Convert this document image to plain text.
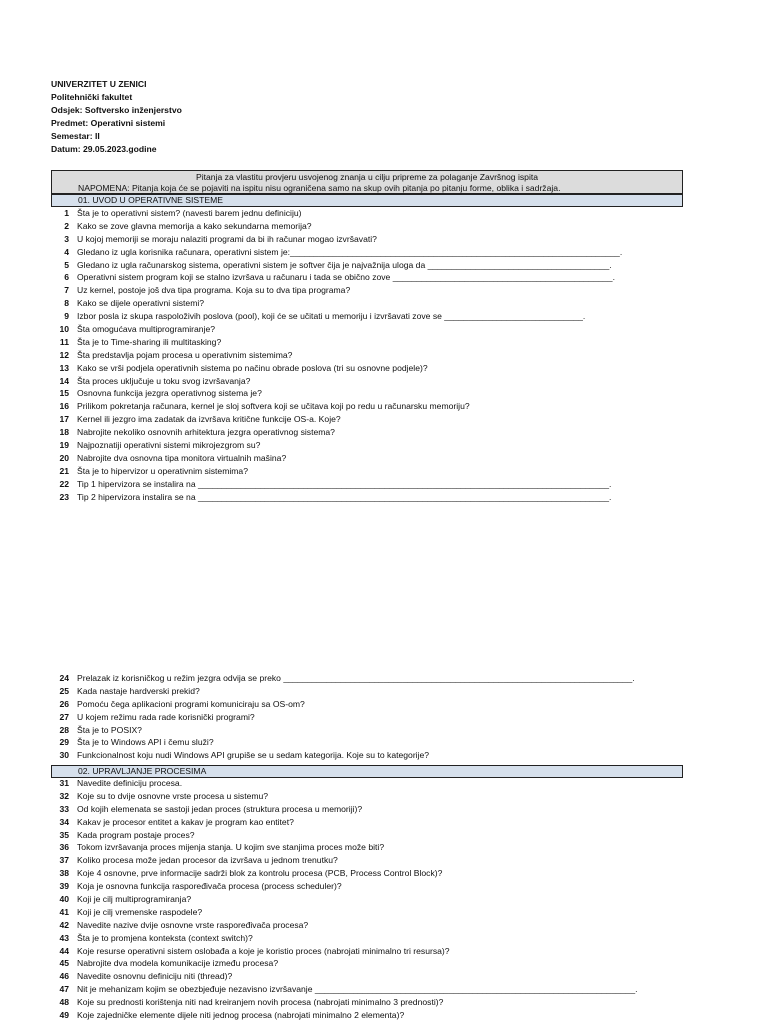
UNIVERZITET U ZENICI
Politehnički fakultet
Odsjek: Softversko inženjerstvo
Predmet: Operativni sistemi
Semestar: II
Datum: 29.05.2023.godine
Pitanja za vlastitu provjeru usvojenog znanja u cilju pripreme za polaganje Završnog ispita
NAPOMENA: Pitanja koja će se pojaviti na ispitu nisu ograničena samo na skup ovih pitanja po pitanju forme, oblika i sadržaja.
01. UVOD U OPERATIVNE SISTEME
1 Šta je to operativni sistem? (navesti barem jednu definiciju)
2 Kako se zove glavna memorija a kako sekundarna memorija?
3 U kojoj memoriji se moraju nalaziti programi da bi ih računar mogao izvršavati?
4 Gledano iz ugla korisnika računara, operativni sistem je:_____________________________________________________________________.
5 Gledano iz ugla računarskog sistema, operativni sistem je softver čija je najvažnija uloga da ______________________________________.
6 Operativni sistem program koji se stalno izvršava u računaru i tada se obično zove ______________________________________________.
7 Uz kernel, postoje još dva tipa programa. Koja su to dva tipa programa?
8 Kako se dijele operativni sistemi?
9 Izbor posla iz skupa raspoloživih poslova (pool), koji će se učitati u memoriju i izvršavati zove se _____________________________.
10 Šta omogućava multiprogramiranje?
11 Šta je to Time-sharing ili multitasking?
12 Šta predstavlja pojam procesa u operativnim sistemima?
13 Kako se vrši podjela operativnih sistema po načinu obrade poslova (tri su osnovne podjele)?
14 Šta proces uključuje u toku svog izvršavanja?
15 Osnovna funkcija jezgra operativnog sistema je?
16 Prilikom pokretanja računara, kernel je sloj softvera koji se učitava koji po redu u računarsku memoriju?
17 Kernel ili jezgro ima zadatak da izvršava kritične funkcije OS-a. Koje?
18 Nabrojite nekoliko osnovnih arhitektura jezgra operativnog sistema?
19 Najpoznatiji operativni sistemi mikrojezgrom su?
20 Nabrojite dva osnovna tipa monitora virtualnih mašina?
21 Šta je to hipervizor u operativnim sistemima?
22 Tip 1 hipervizora se instalira na ______________________________________________________________________________________.
23 Tip 2 hipervizora instalira se na ______________________________________________________________________________________.
24 Prelazak iz korisničkog u režim jezgra odvija se preko _________________________________________________________________________.
25 Kada nastaje hardverski prekid?
26 Pomoću čega aplikacioni programi komuniciraju sa OS-om?
27 U kojem režimu rada rade korisnički programi?
28 Šta je to POSIX?
29 Šta je to Windows API i čemu služi?
30 Funkcionalnost koju nudi Windows API grupiše se u sedam kategorija. Koje su to kategorije?
02. UPRAVLJANJE PROCESIMA
31 Navedite definiciju procesa.
32 Koje su to dvije osnovne vrste procesa u sistemu?
33 Od kojih elemenata se sastoji jedan proces (struktura procesa u memoriji)?
34 Kakav je procesor entitet a kakav je program kao entitet?
35 Kada program postaje proces?
36 Tokom izvršavanja proces mijenja stanja. U kojim sve stanjima proces može biti?
37 Koliko procesa može jedan procesor da izvršava u jednom trenutku?
38 Koje 4 osnovne, prve informacije sadrži blok za kontrolu procesa (PCB, Process Control Block)?
39 Koja je osnovna funkcija raspoređivača procesa (process scheduler)?
40 Koji je cilj multiprogramiranja?
41 Koji je cilj vremenske raspodele?
42 Navedite nazive dvije osnovne vrste raspoređivača procesa?
43 Šta je to promjena konteksta (context switch)?
44 Koje resurse operativni sistem oslobađa a koje je koristio proces (nabrojati minimalno tri resursa)?
45 Nabrojite dva modela komunikacije između procesa?
46 Navedite osnovnu definiciju niti (thread)?
47 Nit je mehanizam kojim se obezbjeđuje nezavisno izvršavanje ___________________________________________________________________.
48 Koje su prednosti korištenja niti nad kreiranjem novih procesa (nabrojati minimalno 3 prednosti)?
49 Koje zajedničke elemente dijele niti jednog procesa (nabrojati minimalno 2 elementa)?
